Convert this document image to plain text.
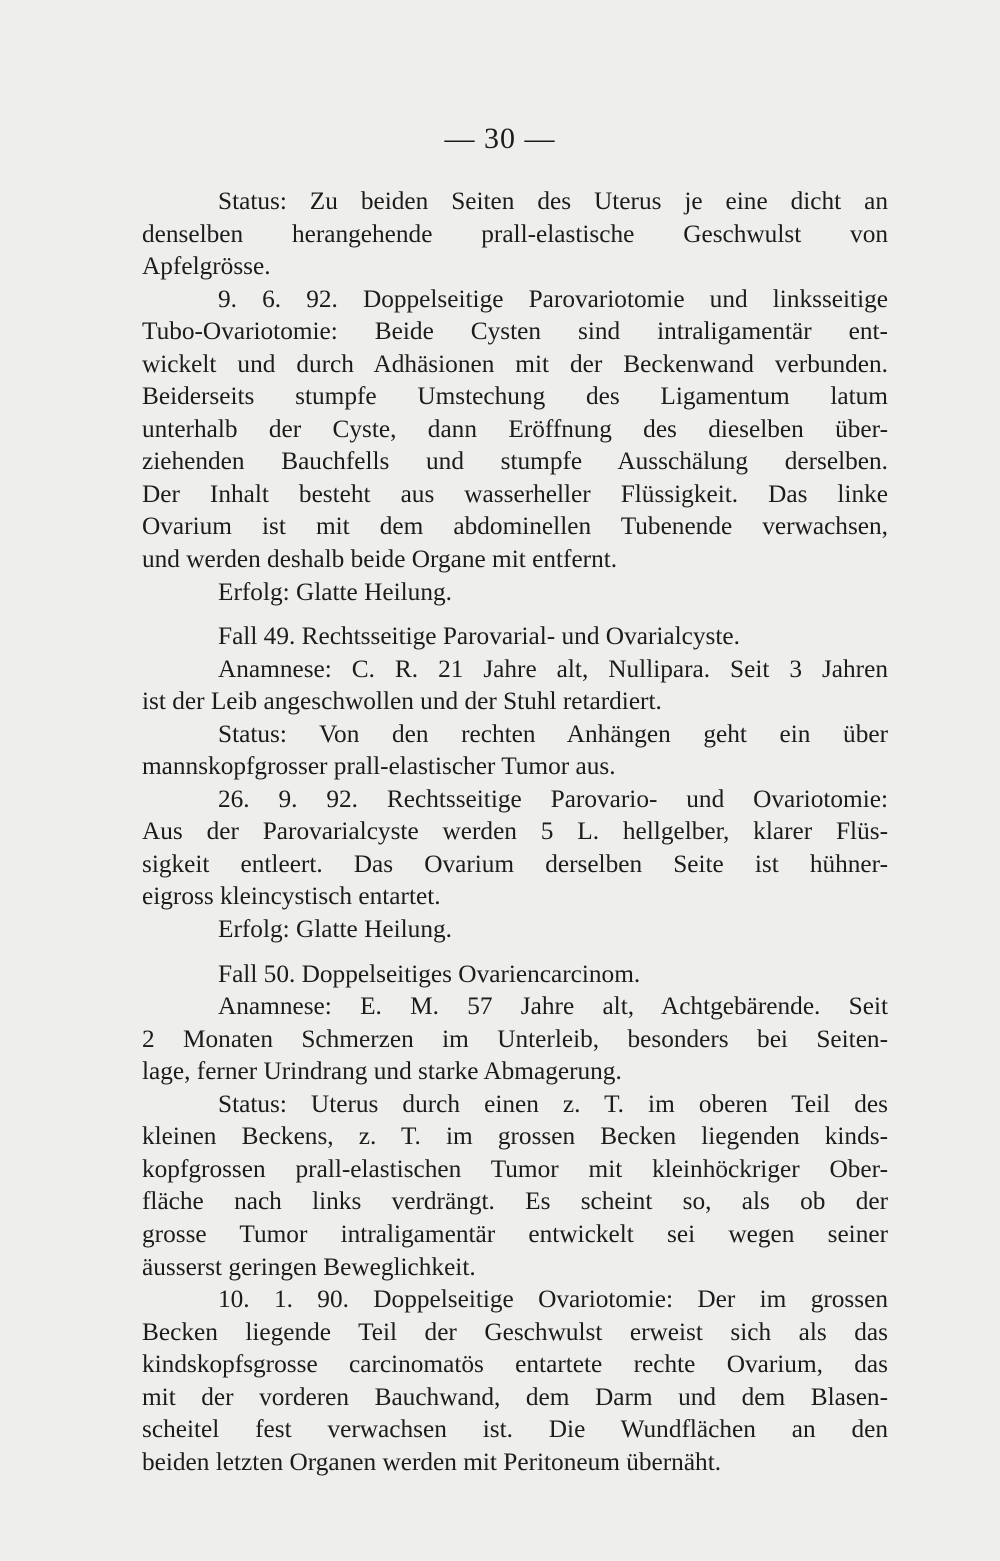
— 30 —
Status: Zu beiden Seiten des Uterus je eine dicht an
denselben herangehende prall-elastische Geschwulst von
Apfelgrösse.
9. 6. 92. Doppelseitige Parovariotomie und linksseitige
Tubo-Ovariotomie: Beide Cysten sind intraligamentär ent-
wickelt und durch Adhäsionen mit der Beckenwand verbunden.
Beiderseits stumpfe Umstechung des Ligamentum latum
unterhalb der Cyste, dann Eröffnung des dieselben über-
ziehenden Bauchfells und stumpfe Ausschälung derselben.
Der Inhalt besteht aus wasserheller Flüssigkeit. Das linke
Ovarium ist mit dem abdominellen Tubenende verwachsen,
und werden deshalb beide Organe mit entfernt.
Erfolg: Glatte Heilung.
Fall 49. Rechtsseitige Parovarial- und Ovarialcyste.
Anamnese: C. R. 21 Jahre alt, Nullipara. Seit 3 Jahren
ist der Leib angeschwollen und der Stuhl retardiert.
Status: Von den rechten Anhängen geht ein über
mannskopfgrosser prall-elastischer Tumor aus.
26. 9. 92. Rechtsseitige Parovario- und Ovariotomie:
Aus der Parovarialcyste werden 5 L. hellgelber, klarer Flüs-
sigkeit entleert. Das Ovarium derselben Seite ist hühner-
eigross kleincystisch entartet.
Erfolg: Glatte Heilung.
Fall 50. Doppelseitiges Ovariencarcinom.
Anamnese: E. M. 57 Jahre alt, Achtgebärende. Seit
2 Monaten Schmerzen im Unterleib, besonders bei Seiten-
lage, ferner Urindrang und starke Abmagerung.
Status: Uterus durch einen z. T. im oberen Teil des
kleinen Beckens, z. T. im grossen Becken liegenden kinds-
kopfgrossen prall-elastischen Tumor mit kleinhöckriger Ober-
fläche nach links verdrängt. Es scheint so, als ob der
grosse Tumor intraligamentär entwickelt sei wegen seiner
äusserst geringen Beweglichkeit.
10. 1. 90. Doppelseitige Ovariotomie: Der im grossen
Becken liegende Teil der Geschwulst erweist sich als das
kindskopfsgrosse carcinomatös entartete rechte Ovarium, das
mit der vorderen Bauchwand, dem Darm und dem Blasen-
scheitel fest verwachsen ist. Die Wundflächen an den
beiden letzten Organen werden mit Peritoneum übernäht.
